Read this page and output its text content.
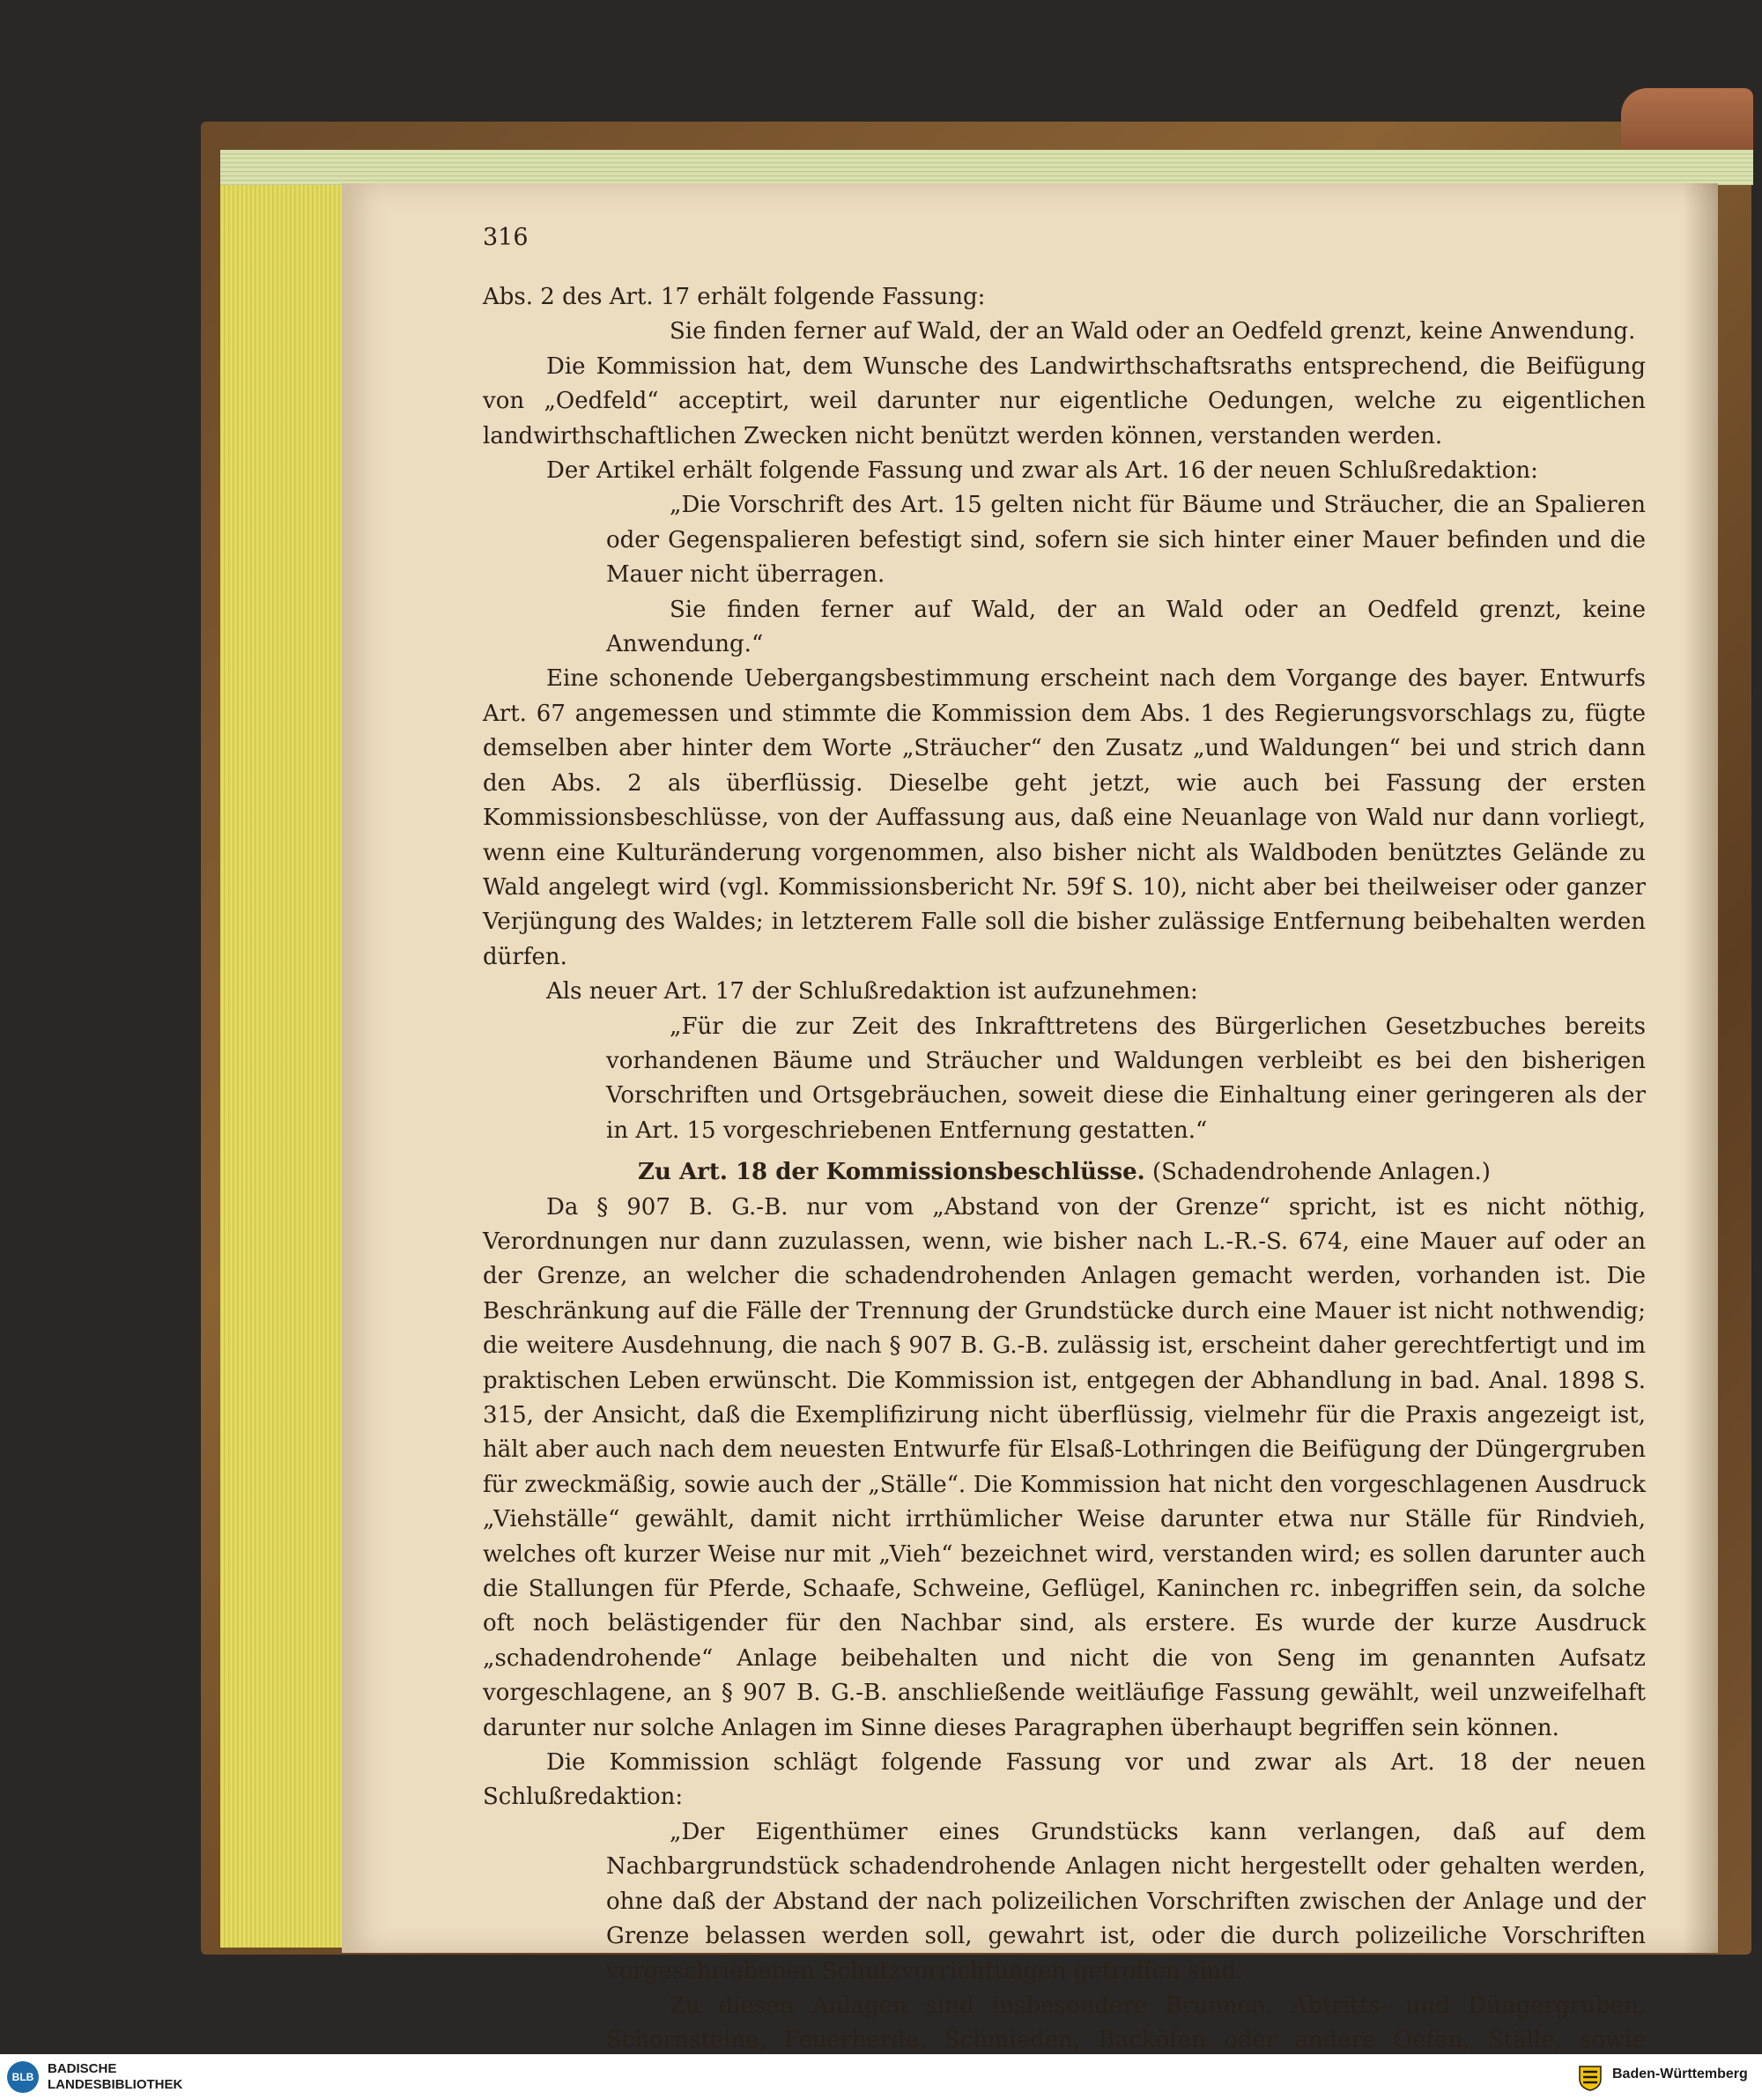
316

Abs. 2 des Art. 17 erhält folgende Fassung:

Sie finden ferner auf Wald, der an Wald oder an Oedfeld grenzt, keine Anwendung.

Die Kommission hat, dem Wunsche des Landwirthschaftsraths entsprechend, die Beifügung von „Oedfeld“ acceptirt, weil darunter nur eigentliche Oedungen, welche zu eigentlichen landwirthschaftlichen Zwecken nicht benützt werden können, verstanden werden.

Der Artikel erhält folgende Fassung und zwar als Art. 16 der neuen Schlußredaktion:

„Die Vorschrift des Art. 15 gelten nicht für Bäume und Sträucher, die an Spalieren oder Gegenspalieren befestigt sind, sofern sie sich hinter einer Mauer befinden und die Mauer nicht überragen.

Sie finden ferner auf Wald, der an Wald oder an Oedfeld grenzt, keine Anwendung.“

Eine schonende Uebergangsbestimmung erscheint nach dem Vorgange des bayer. Entwurfs Art. 67 angemessen und stimmte die Kommission dem Abs. 1 des Regierungsvorschlags zu, fügte demselben aber hinter dem Worte „Sträucher“ den Zusatz „und Waldungen“ bei und strich dann den Abs. 2 als überflüssig. Dieselbe geht jetzt, wie auch bei Fassung der ersten Kommissionsbeschlüsse, von der Auffassung aus, daß eine Neuanlage von Wald nur dann vorliegt, wenn eine Kulturänderung vorgenommen, also bisher nicht als Waldboden benütztes Gelände zu Wald angelegt wird (vgl. Kommissionsbericht Nr. 59f S. 10), nicht aber bei theilweiser oder ganzer Verjüngung des Waldes; in letzterem Falle soll die bisher zulässige Entfernung beibehalten werden dürfen.

Als neuer Art. 17 der Schlußredaktion ist aufzunehmen:

„Für die zur Zeit des Inkrafttretens des Bürgerlichen Gesetzbuches bereits vorhandenen Bäume und Sträucher und Waldungen verbleibt es bei den bisherigen Vorschriften und Ortsgebräuchen, soweit diese die Einhaltung einer geringeren als der in Art. 15 vorgeschriebenen Entfernung gestatten.“

Zu Art. 18 der Kommissionsbeschlüsse. (Schadendrohende Anlagen.)

Da § 907 B. G.-B. nur vom „Abstand von der Grenze“ spricht, ist es nicht nöthig, Verordnungen nur dann zuzulassen, wenn, wie bisher nach L.-R.-S. 674, eine Mauer auf oder an der Grenze, an welcher die schadendrohenden Anlagen gemacht werden, vorhanden ist. Die Beschränkung auf die Fälle der Trennung der Grundstücke durch eine Mauer ist nicht nothwendig; die weitere Ausdehnung, die nach § 907 B. G.-B. zulässig ist, erscheint daher gerechtfertigt und im praktischen Leben erwünscht. Die Kommission ist, entgegen der Abhandlung in bad. Anal. 1898 S. 315, der Ansicht, daß die Exemplifizirung nicht überflüssig, vielmehr für die Praxis angezeigt ist, hält aber auch nach dem neuesten Entwurfe für Elsaß-Lothringen die Beifügung der Düngergruben für zweckmäßig, sowie auch der „Ställe“. Die Kommission hat nicht den vorgeschlagenen Ausdruck „Viehställe“ gewählt, damit nicht irrthümlicher Weise darunter etwa nur Ställe für Rindvieh, welches oft kurzer Weise nur mit „Vieh“ bezeichnet wird, verstanden wird; es sollen darunter auch die Stallungen für Pferde, Schaafe, Schweine, Geflügel, Kaninchen rc. inbegriffen sein, da solche oft noch belästigender für den Nachbar sind, als erstere. Es wurde der kurze Ausdruck „schadendrohende“ Anlage beibehalten und nicht die von Seng im genannten Aufsatz vorgeschlagene, an § 907 B. G.-B. anschließende weitläufige Fassung gewählt, weil unzweifelhaft darunter nur solche Anlagen im Sinne dieses Paragraphen überhaupt begriffen sein können.

Die Kommission schlägt folgende Fassung vor und zwar als Art. 18 der neuen Schlußredaktion:

„Der Eigenthümer eines Grundstücks kann verlangen, daß auf dem Nachbargrundstück schadendrohende Anlagen nicht hergestellt oder gehalten werden, ohne daß der Abstand der nach polizeilichen Vorschriften zwischen der Anlage und der Grenze belassen werden soll, gewahrt ist, oder die durch polizeiliche Vorschriften vorgeschriebenen Schutzvorrichtungen getroffen sind.

Zu diesen Anlagen sind insbesondere Brunnen, Abtritts- und Düngergruben, Schornsteine, Feuerherde, Schmieden, Backöfen oder andere Oefen, Ställe, sowie

BLB
BADISCHE
LANDESBIBLIOTHEK
Baden-Württemberg
